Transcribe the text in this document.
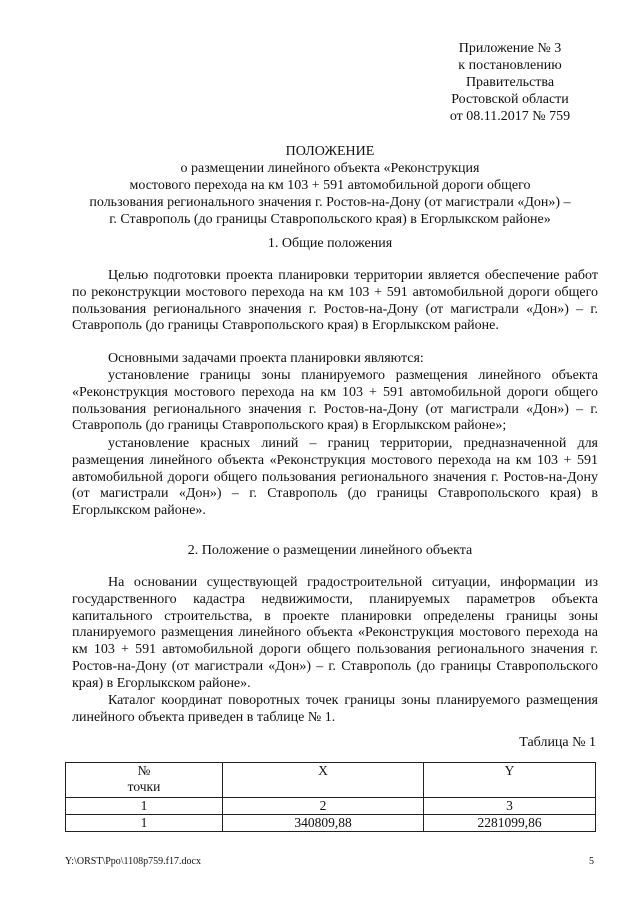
Приложение № 3
к постановлению
Правительства
Ростовской области
от 08.11.2017 № 759
ПОЛОЖЕНИЕ
о размещении линейного объекта «Реконструкция
мостового перехода на км 103 + 591 автомобильной дороги общего
пользования регионального значения г. Ростов-на-Дону (от магистрали «Дон») –
г. Ставрополь (до границы Ставропольского края) в Егорлыкском районе»
1. Общие положения
Целью подготовки проекта планировки территории является обеспечение работ по реконструкции мостового перехода на км 103 + 591 автомобильной дороги общего пользования регионального значения г. Ростов-на-Дону (от магистрали «Дон») – г. Ставрополь (до границы Ставропольского края) в Егорлыкском районе.
Основными задачами проекта планировки являются:
установление границы зоны планируемого размещения линейного объекта «Реконструкция мостового перехода на км 103 + 591 автомобильной дороги общего пользования регионального значения г. Ростов-на-Дону (от магистрали «Дон») – г. Ставрополь (до границы Ставропольского края) в Егорлыкском районе»;
установление красных линий – границ территории, предназначенной для размещения линейного объекта «Реконструкция мостового перехода на км 103 + 591 автомобильной дороги общего пользования регионального значения г. Ростов-на-Дону (от магистрали «Дон») – г. Ставрополь (до границы Ставропольского края) в Егорлыкском районе».
2. Положение о размещении линейного объекта
На основании существующей градостроительной ситуации, информации из государственного кадастра недвижимости, планируемых параметров объекта капитального строительства, в проекте планировки определены границы зоны планируемого размещения линейного объекта «Реконструкция мостового перехода на км 103 + 591 автомобильной дороги общего пользования регионального значения г. Ростов-на-Дону (от магистрали «Дон») – г. Ставрополь (до границы Ставропольского края) в Егорлыкском районе».
Каталог координат поворотных точек границы зоны планируемого размещения линейного объекта приведен в таблице № 1.
Таблица № 1
№
точки	X	Y
1	2	3
1	340809,88	2281099,86
Y:\ORST\Ppo\1108p759.f17.docx	5
